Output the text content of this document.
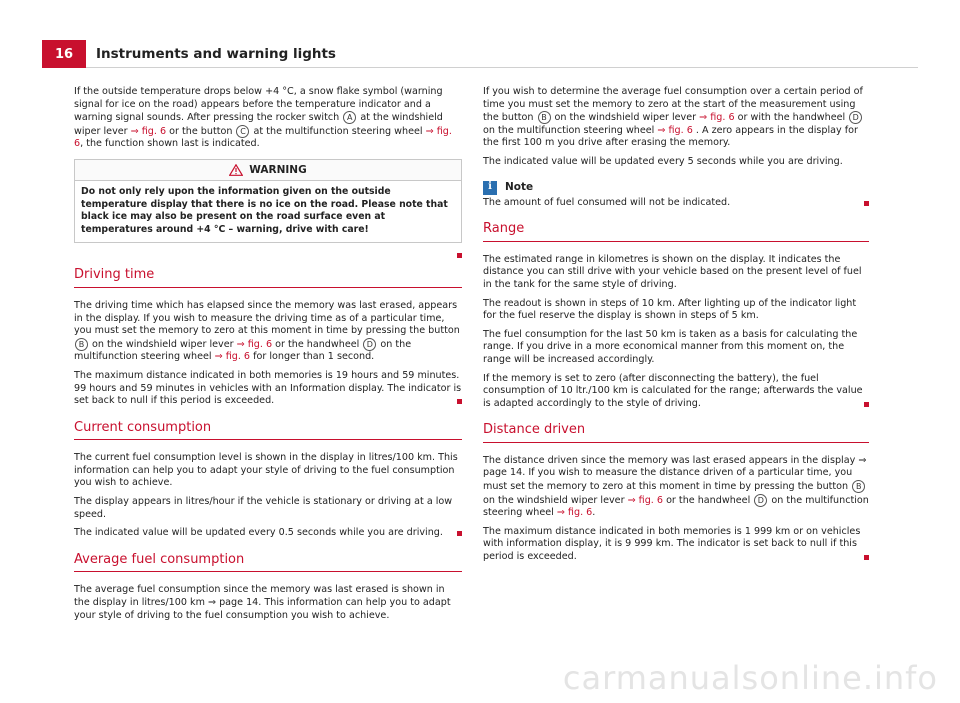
16	Instruments and warning lights

If the outside temperature drops below +4 °C, a snow flake symbol (warning signal for ice on the road) appears before the temperature indicator and a warning signal sounds. After pressing the rocker switch A at the windshield wiper lever ⇒ fig. 6 or the button C at the multifunction steering wheel ⇒ fig. 6, the function shown last is indicated.

WARNING
Do not only rely upon the information given on the outside temperature display that there is no ice on the road. Please note that black ice may also be present on the road surface even at temperatures around +4 °C – warning, drive with care!
Driving time

The driving time which has elapsed since the memory was last erased, appears in the display. If you wish to measure the driving time as of a particular time, you must set the memory to zero at this moment in time by pressing the button B on the windshield wiper lever ⇒ fig. 6 or the handwheel D on the multifunction steering wheel ⇒ fig. 6 for longer than 1 second.

The maximum distance indicated in both memories is 19 hours and 59 minutes. 99 hours and 59 minutes in vehicles with an Information display. The indicator is set back to null if this period is exceeded.

Current consumption

The current fuel consumption level is shown in the display in litres/100 km. This information can help you to adapt your style of driving to the fuel consumption you wish to achieve.

The display appears in litres/hour if the vehicle is stationary or driving at a low speed.

The indicated value will be updated every 0.5 seconds while you are driving.

Average fuel consumption

The average fuel consumption since the memory was last erased is shown in the display in litres/100 km ⇒ page 14. This information can help you to adapt your style of driving to the fuel consumption you wish to achieve.

If you wish to determine the average fuel consumption over a certain period of time you must set the memory to zero at the start of the measurement using the button B on the windshield wiper lever ⇒ fig. 6 or with the handwheel D on the multifunction steering wheel ⇒ fig. 6 . A zero appears in the display for the first 100 m you drive after erasing the memory.

The indicated value will be updated every 5 seconds while you are driving.

i	Note

The amount of fuel consumed will not be indicated.

Range

The estimated range in kilometres is shown on the display. It indicates the distance you can still drive with your vehicle based on the present level of fuel in the tank for the same style of driving.

The readout is shown in steps of 10 km. After lighting up of the indicator light for the fuel reserve the display is shown in steps of 5 km.

The fuel consumption for the last 50 km is taken as a basis for calculating the range. If you drive in a more economical manner from this moment on, the range will be increased accordingly.

If the memory is set to zero (after disconnecting the battery), the fuel consumption of 10 ltr./100 km is calculated for the range; afterwards the value is adapted accordingly to the style of driving.

Distance driven

The distance driven since the memory was last erased appears in the display ⇒ page 14. If you wish to measure the distance driven of a particular time, you must set the memory to zero at this moment in time by pressing the button B on the windshield wiper lever ⇒ fig. 6 or the handwheel D on the multifunction steering wheel ⇒ fig. 6.

The maximum distance indicated in both memories is 1 999 km or on vehicles with information display, it is 9 999 km. The indicator is set back to null if this period is exceeded.

carmanualsonline.info
